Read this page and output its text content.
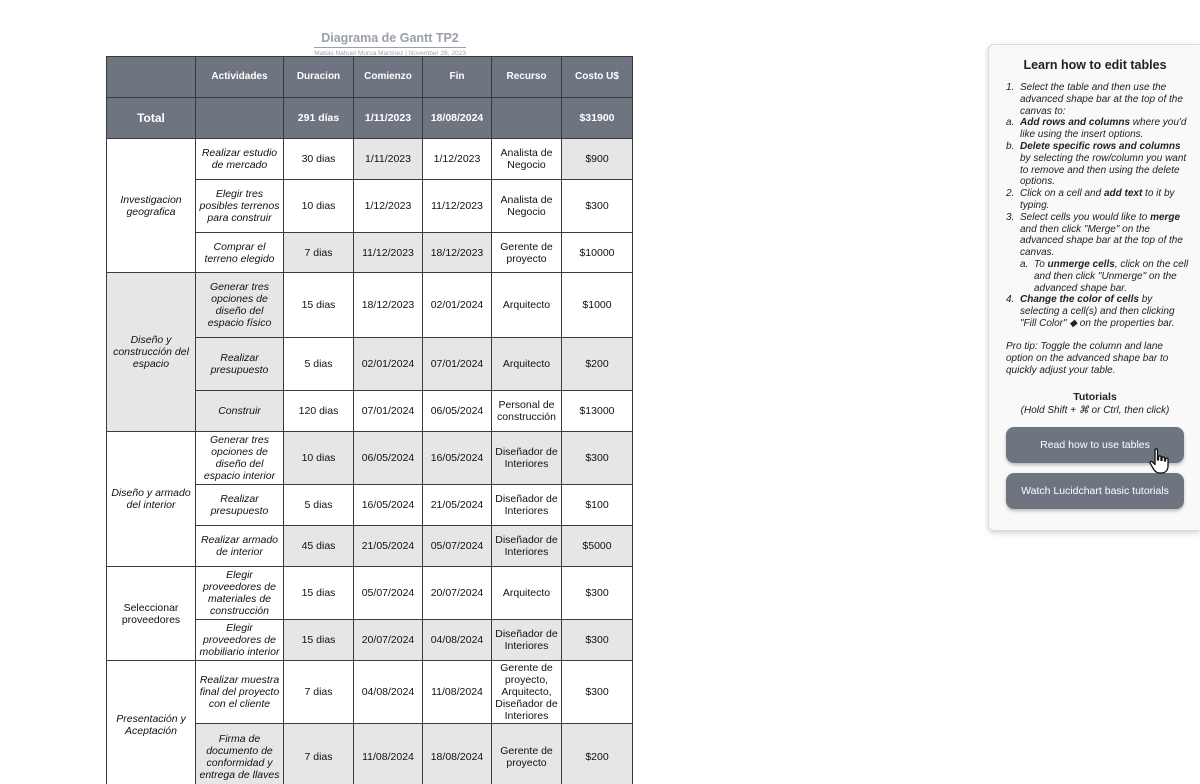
Diagrama de Gantt TP2
Matías Nahuel Murua Martínez | November 26, 2023
	Actividades	Duracion	Comienzo	Fin	Recurso	Costo U$
Total		291 días	1/11/2023	18/08/2024		$31900
Investigacion geografica	Realizar estudio de mercado	30 dias	1/11/2023	1/12/2023	Analista de Negocio	$900
	Elegir tres posibles terrenos para construir	10 dias	1/12/2023	11/12/2023	Analista de Negocio	$300
	Comprar el terreno elegido	7 dias	11/12/2023	18/12/2023	Gerente de proyecto	$10000
Diseño y construcción del espacio	Generar tres opciones de diseño del espacio físico	15 dias	18/12/2023	02/01/2024	Arquitecto	$1000
	Realizar presupuesto	5 dias	02/01/2024	07/01/2024	Arquitecto	$200
	Construir	120 dias	07/01/2024	06/05/2024	Personal de construcción	$13000
Diseño y armado del interior	Generar tres opciones de diseño del espacio interior	10 dias	06/05/2024	16/05/2024	Diseñador de Interiores	$300
	Realizar presupuesto	5 dias	16/05/2024	21/05/2024	Diseñador de Interiores	$100
	Realizar armado de interior	45 dias	21/05/2024	05/07/2024	Diseñador de Interiores	$5000
Seleccionar proveedores	Elegir proveedores de materiales de construcción	15 dias	05/07/2024	20/07/2024	Arquitecto	$300
	Elegir proveedores de mobiliario interior	15 dias	20/07/2024	04/08/2024	Diseñador de Interiores	$300
Presentación y Aceptación	Realizar muestra final del proyecto con el cliente	7 dias	04/08/2024	11/08/2024	Gerente de proyecto, Arquitecto, Diseñador de Interiores	$300
	Firma de documento de conformidad y entrega de llaves	7 dias	11/08/2024	18/08/2024	Gerente de proyecto	$200
Learn how to edit tables
1. Select the table and then use the advanced shape bar at the top of the canvas to:
a. Add rows and columns where you'd like using the insert options.
b. Delete specific rows and columns by selecting the row/column you want to remove and then using the delete options.
2. Click on a cell and add text to it by typing.
3. Select cells you would like to merge and then click "Merge" on the advanced shape bar at the top of the canvas.
a. To unmerge cells, click on the cell and then click "Unmerge" on the advanced shape bar.
4. Change the color of cells by selecting a cell(s) and then clicking "Fill Color" ◆ on the properties bar.
Pro tip: Toggle the column and lane option on the advanced shape bar to quickly adjust your table.
Tutorials
(Hold Shift + ⌘ or Ctrl, then click)
Read how to use tables
Watch Lucidchart basic tutorials
